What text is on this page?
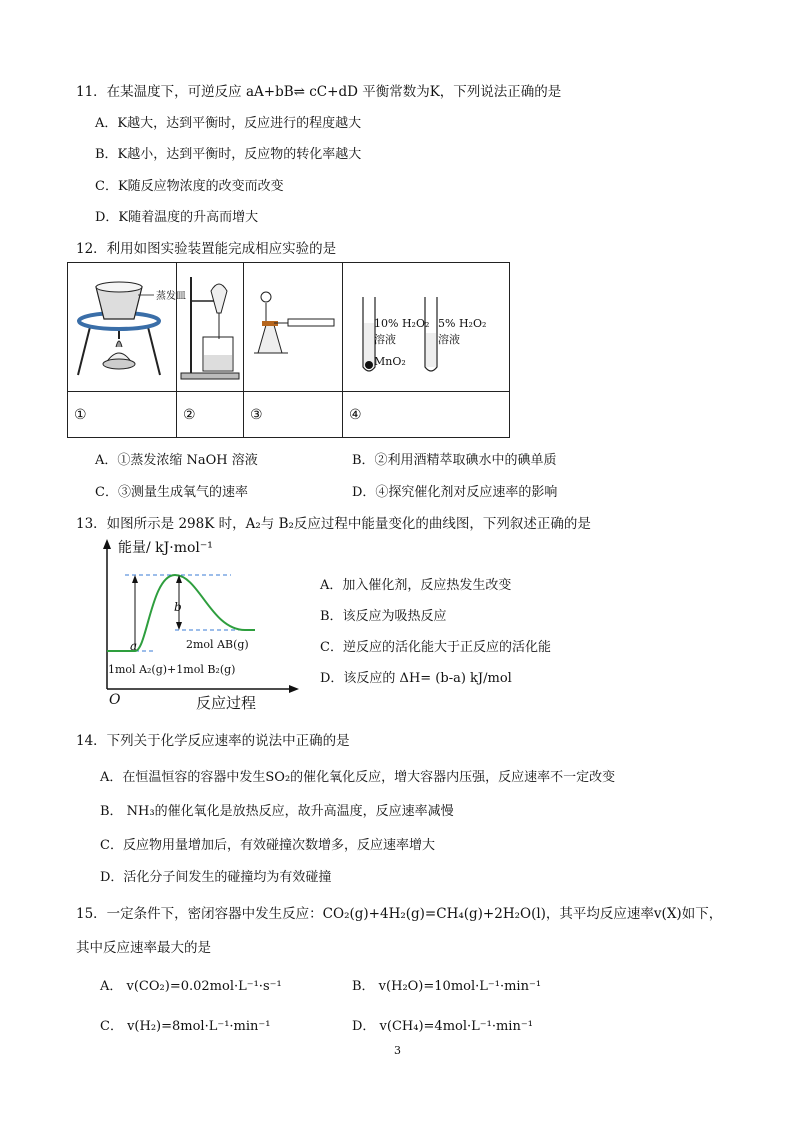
11．在某温度下，可逆反应 aA+bB⇌ cC+dD 平衡常数为K，下列说法正确的是
A．K越大，达到平衡时，反应进行的程度越大
B．K越小，达到平衡时，反应物的转化率越大
C．K随反应物浓度的改变而改变
D．K随着温度的升高而增大
12．利用如图实验装置能完成相应实验的是

①	②	③	④
蒸发皿
10% H₂O₂
溶液
MnO₂
5% H₂O₂
溶液
A．①蒸发浓缩 NaOH 溶液	B．②利用酒精萃取碘水中的碘单质
C．③测量生成氧气的速率	D．④探究催化剂对反应速率的影响
13．如图所示是 298K 时，A₂与 B₂反应过程中能量变化的曲线图，下列叙述正确的是
能量/ kJ·mol⁻¹
a
b
2mol AB(g)
1mol A₂(g)+1mol B₂(g)
O	反应过程
A．加入催化剂，反应热发生改变
B．该反应为吸热反应
C．逆反应的活化能大于正反应的活化能
D．该反应的 ΔH= (b-a) kJ/mol
14．下列关于化学反应速率的说法中正确的是
A．在恒温恒容的容器中发生SO₂的催化氧化反应，增大容器内压强，反应速率不一定改变
B． NH₃的催化氧化是放热反应，故升高温度，反应速率减慢
C．反应物用量增加后，有效碰撞次数增多，反应速率增大
D．活化分子间发生的碰撞均为有效碰撞
15．一定条件下，密闭容器中发生反应：CO₂(g)+4H₂(g)=CH₄(g)+2H₂O(l)，其平均反应速率v(X)如下，
其中反应速率最大的是
A． v(CO₂)=0.02mol·L⁻¹·s⁻¹	B． v(H₂O)=10mol·L⁻¹·min⁻¹
C． v(H₂)=8mol·L⁻¹·min⁻¹	D． v(CH₄)=4mol·L⁻¹·min⁻¹
3
